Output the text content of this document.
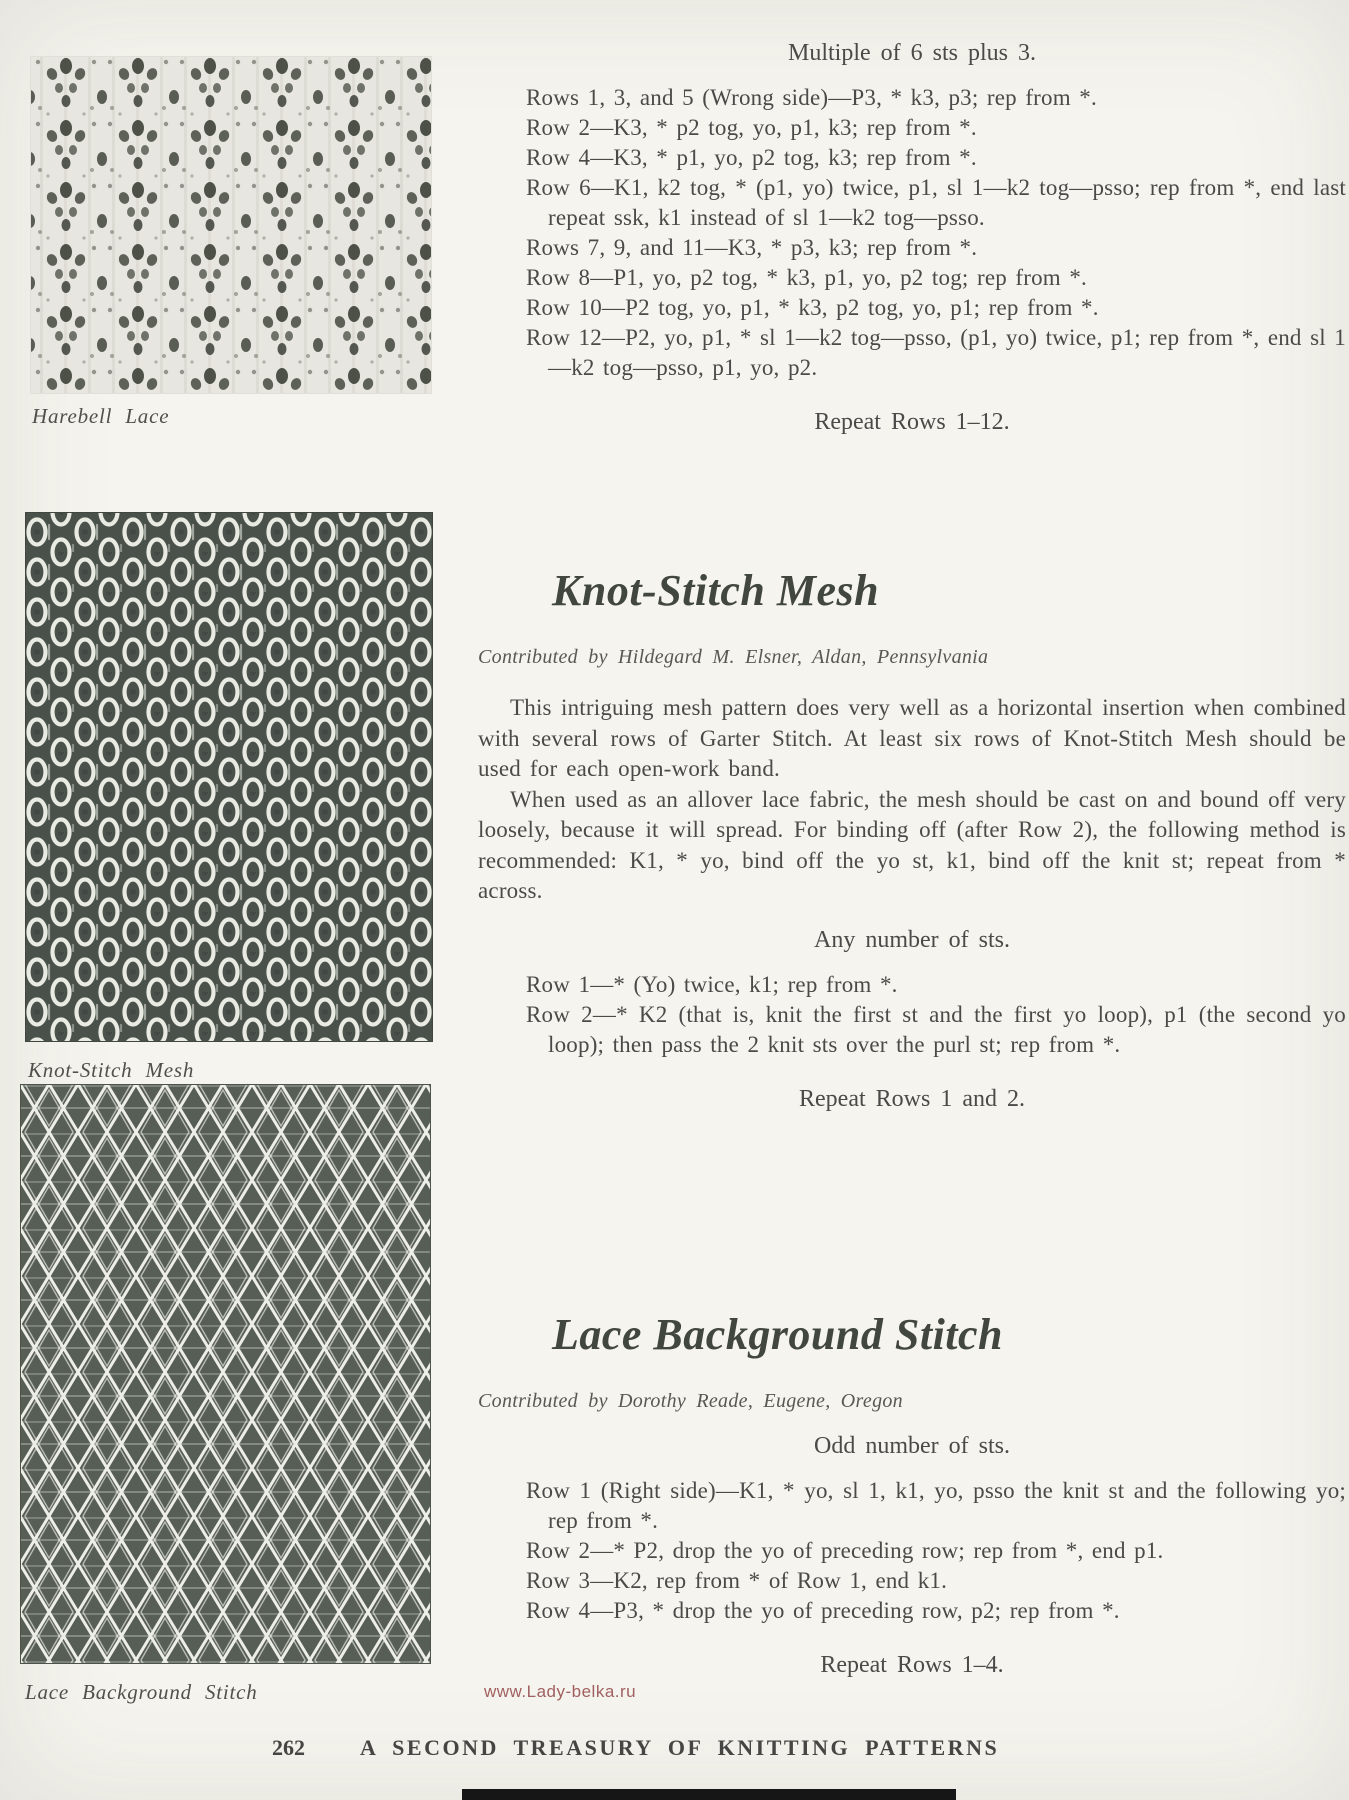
Harebell Lace
Multiple of 6 sts plus 3.

Rows 1, 3, and 5 (Wrong side)—P3, * k3, p3; rep from *.

Row 2—K3, * p2 tog, yo, p1, k3; rep from *.

Row 4—K3, * p1, yo, p2 tog, k3; rep from *.

Row 6—K1, k2 tog, * (p1, yo) twice, p1, sl 1—k2 tog—psso; rep from *, end last repeat ssk, k1 instead of sl 1—k2 tog—psso.

Rows 7, 9, and 11—K3, * p3, k3; rep from *.

Row 8—P1, yo, p2 tog, * k3, p1, yo, p2 tog; rep from *.

Row 10—P2 tog, yo, p1, * k3, p2 tog, yo, p1; rep from *.

Row 12—P2, yo, p1, * sl 1—k2 tog—psso, (p1, yo) twice, p1; rep from *, end sl 1—k2 tog—psso, p1, yo, p2.

Repeat Rows 1–12.
Knot-Stitch Mesh
Knot-Stitch Mesh
Contributed by Hildegard M. Elsner, Aldan, Pennsylvania

This intriguing mesh pattern does very well as a horizontal insertion when combined with several rows of Garter Stitch. At least six rows of Knot-Stitch Mesh should be used for each open-work band.

When used as an allover lace fabric, the mesh should be cast on and bound off very loosely, because it will spread. For binding off (after Row 2), the following method is recommended: K1, * yo, bind off the yo st, k1, bind off the knit st; repeat from * across.

Any number of sts.

Row 1—* (Yo) twice, k1; rep from *.

Row 2—* K2 (that is, knit the first st and the first yo loop), p1 (the second yo loop); then pass the 2 knit sts over the purl st; rep from *.

Repeat Rows 1 and 2.
Lace Background Stitch
Lace Background Stitch
Contributed by Dorothy Reade, Eugene, Oregon
Odd number of sts.

Row 1 (Right side)—K1, * yo, sl 1, k1, yo, psso the knit st and the following yo; rep from *.

Row 2—* P2, drop the yo of preceding row; rep from *, end p1.

Row 3—K2, rep from * of Row 1, end k1.

Row 4—P3, * drop the yo of preceding row, p2; rep from *.

Repeat Rows 1–4.
www.Lady-belka.ru
262	A SECOND TREASURY OF KNITTING PATTERNS
